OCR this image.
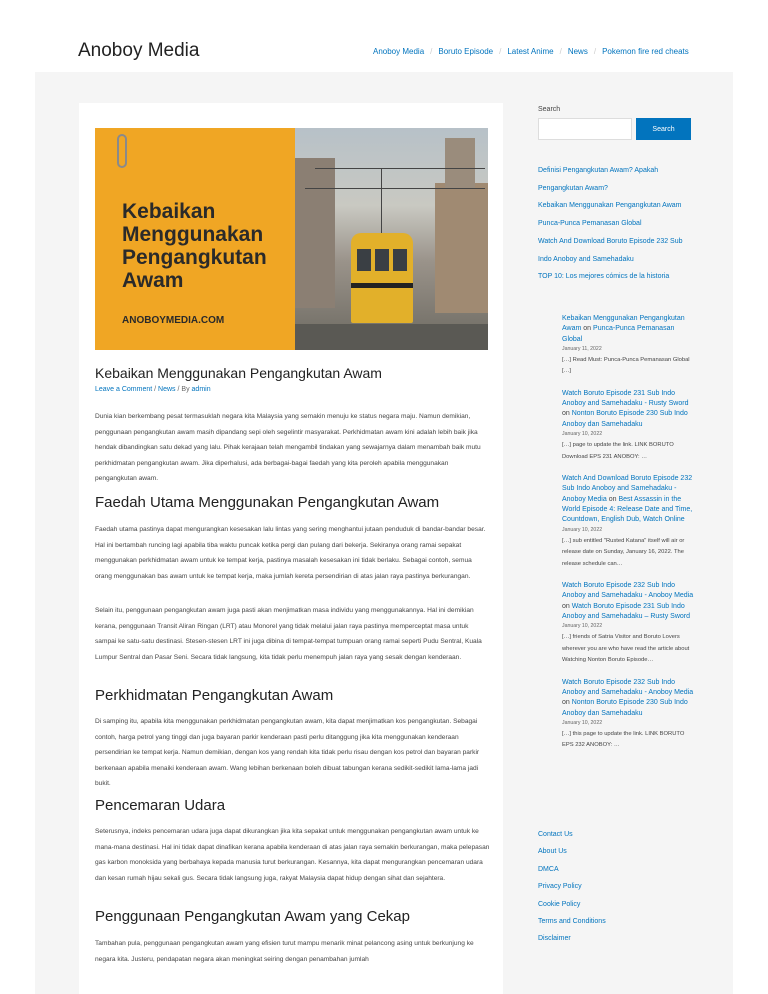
Anoboy Media	Anoboy Media / Boruto Episode / Latest Anime / News / Pokemon fire red cheats
Kebaikan
Menggunakan
Pengangkutan
Awam
ANOBOYMEDIA.COM
Kebaikan Menggunakan Pengangkutan Awam
Leave a Comment / News / By admin

Dunia kian berkembang pesat termasuklah negara kita Malaysia yang semakin menuju ke status negara maju. Namun demikian, penggunaan pengangkutan awam masih dipandang sepi oleh segelintir masyarakat. Perkhidmatan awam kini adalah lebih baik jika hendak dibandingkan satu dekad yang lalu. Pihak kerajaan telah mengambil tindakan yang sewajarnya dalam menambah baik mutu perkhidmatan pengangkutan awam. Jika diperhalusi, ada berbagai-bagai faedah yang kita peroleh apabila menggunakan pengangkutan awam.

Faedah Utama Menggunakan Pengangkutan Awam

Faedah utama pastinya dapat mengurangkan kesesakan lalu lintas yang sering menghantui jutaan penduduk di bandar-bandar besar. Hal ini bertambah runcing lagi apabila tiba waktu puncak ketika pergi dan pulang dari bekerja. Sekiranya orang ramai sepakat menggunakan perkhidmatan awam untuk ke tempat kerja, pastinya masalah kesesakan ini tidak berlaku. Sebagai contoh, semua orang menggunakan bas awam untuk ke tempat kerja, maka jumlah kereta persendirian di atas jalan raya pastinya berkurangan.

Selain itu, penggunaan pengangkutan awam juga pasti akan menjimatkan masa individu yang menggunakannya. Hal ini demikian kerana, penggunaan Transit Aliran Ringan (LRT) atau Monorel yang tidak melalui jalan raya pastinya memperceptat masa untuk sampai ke satu-satu destinasi. Stesen-stesen LRT ini juga dibina di tempat-tempat tumpuan orang ramai seperti Pudu Sentral, Kuala Lumpur Sentral dan Pasar Seni. Secara tidak langsung, kita tidak perlu menempuh jalan raya yang sesak dengan kenderaan.

Perkhidmatan Pengangkutan Awam

Di samping itu, apabila kita menggunakan perkhidmatan pengangkutan awam, kita dapat menjimatkan kos pengangkutan. Sebagai contoh, harga petrol yang tinggi dan juga bayaran parkir kenderaan pasti perlu ditanggung jika kita menggunakan kenderaan persendirian ke tempat kerja. Namun demikian, dengan kos yang rendah kita tidak perlu risau dengan kos petrol dan bayaran parkir berkenaan apabila menaiki kenderaan awam. Wang lebihan berkenaan boleh dibuat tabungan kerana sedikit-sedikit lama-lama jadi bukit.

Pencemaran Udara

Seterusnya, indeks pencemaran udara juga dapat dikurangkan jika kita sepakat untuk menggunakan pengangkutan awam untuk ke mana-mana destinasi. Hal ini tidak dapat dinafikan kerana apabila kenderaan di atas jalan raya semakin berkurangan, maka pelepasan gas karbon monoksida yang berbahaya kepada manusia turut berkurangan. Kesannya, kita dapat mengurangkan pencemaran udara dan kesan rumah hijau sekali gus. Secara tidak langsung juga, rakyat Malaysia dapat hidup dengan sihat dan sejahtera.

Penggunaan Pengangkutan Awam yang Cekap

Tambahan pula, penggunaan pengangkutan awam yang efisien turut mampu menarik minat pelancong asing untuk berkunjung ke negara kita. Justeru, pendapatan negara akan meningkat seiring dengan penambahan jumlah

Search
Search
Definisi Pengangkutan Awam? Apakah Pengangkutan Awam?
Kebaikan Menggunakan Pengangkutan Awam
Punca-Punca Pemanasan Global
Watch And Download Boruto Episode 232 Sub Indo Anoboy and Samehadaku
TOP 10: Los mejores cómics de la historia
Kebaikan Menggunakan Pengangkutan Awam on Punca-Punca Pemanasan Global
January 11, 2022
[…] Read Must: Punca-Punca Pemanasan Global […]
Watch Boruto Episode 231 Sub Indo Anoboy and Samehadaku - Rusty Sword on Nonton Boruto Episode 230 Sub Indo Anoboy dan Samehadaku
January 10, 2022
[…] page to update the link. LINK BORUTO Download EPS 231 ANOBOY: …
Watch And Download Boruto Episode 232 Sub Indo Anoboy and Samehadaku - Anoboy Media on Best Assassin in the World Episode 4: Release Date and Time, Countdown, English Dub, Watch Online
January 10, 2022
[…] sub entitled "Rusted Katana" itself will air or release date on Sunday, January 16, 2022. The release schedule can…
Watch Boruto Episode 232 Sub Indo Anoboy and Samehadaku - Anoboy Media on Watch Boruto Episode 231 Sub Indo Anoboy and Samehadaku – Rusty Sword
January 10, 2022
[…] friends of Satria Visitor and Boruto Lovers wherever you are who have read the article about Watching Nonton Boruto Episode…
Watch Boruto Episode 232 Sub Indo Anoboy and Samehadaku - Anoboy Media on Nonton Boruto Episode 230 Sub Indo Anoboy dan Samehadaku
January 10, 2022
[…] this page to update the link. LINK BORUTO EPS 232 ANOBOY: …
Contact Us
About Us
DMCA
Privacy Policy
Cookie Policy
Terms and Conditions
Disclaimer
